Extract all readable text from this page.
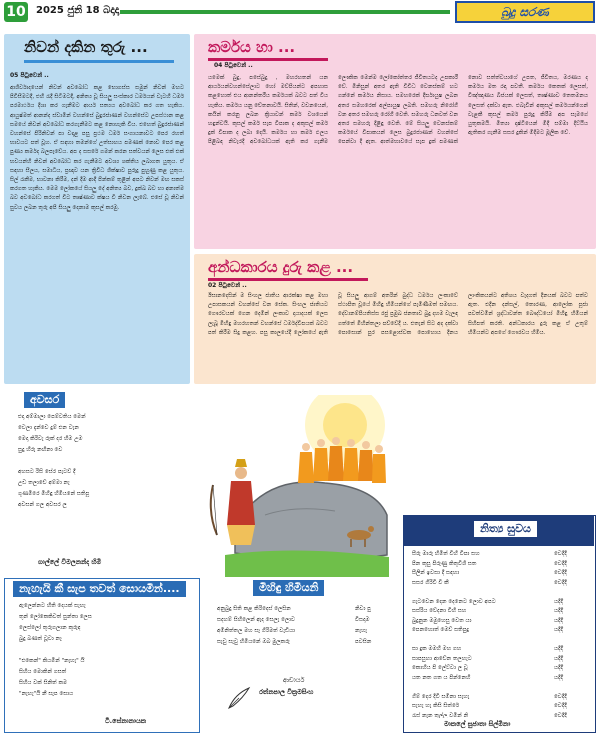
10 2025 ජුනි 18 බදාදා	බුදු සරණ
නිවන් දකින තුරු ...
05 පිටුවෙන් ..
ආශීර්වාදයෙන් නිවන් අවබෝධ කළ භොගස්ස සමුන් නිවන් මහට පිවිසීමටදී, එහි රැදී සිටීමටදී, අනිත්‍ය වූ සියලු සංස්කාර ධර්මයන් වැටහී ධර්ම පරමාර්ථය දිශා කර ගැනීමට ආර්ය සත්‍යය අවබෝධ කර ගත හැකිය. ආයුෂ්මත් ආනන්ද ස්වාමීන් වහන්සේ බුදුරජාණන් වහන්සේට උපස්ථාන කළ සමයේ නිවන් අවබෝධ කරගැනීමට කළ නොහැකි විය. එහෙත් බුදුරජාණන් වහන්සේ පිරිනිවන් පා වදාළ පසු ප්‍රථම ධර්ම සංගායනාවට පෙර රහත් භාවයට පත් වූහ. ඒ සඳහා තමන්ගේ උත්සාහය පමණක් නොව පෙර කළ පුණ්‍ය කර්මද බලපෑවේය. අප ද සසරේ ගමන් කරන සත්වයන් ලෙස එක් එක් භවයන්හි නිවන් අවබෝධ කර ගැනීමට අවශ්‍ය ශක්තිය ලබාගත යුතුය. ඒ සඳහා සීලය, සමාධිය, ප්‍රඥාව යන ත්‍රිවිධ ශික්ෂාව පුරුදු පුහුණු කළ යුතුය. සිල් රැකීම, භාවනා කිරීම, දන් දීම ආදී පින්කම් තුළින් අපට නිවන් මඟ සකස් කරගත හැකිය. මෙම ලෝකයේ සියලු දේ අනිත්‍ය බව, දුක්ඛ බව හා අනාත්ම බව අවබෝධ කරගත් විට තෘෂ්ණාව ක්ෂය වී නිවන ලැබේ. එසේ වූ නිවන් සුවය ලබන තුරු අපි සියලු දෙනාම කුසල් කරමු.
කර්මය හා ...
04 පිටුවෙන් ..
යමෙක් බුදු, පසේබුදු , මහරහතන් යන ආර්යයන්වහන්සේලාට හෝ මව්පියන්ට අපහාස කළහොත් එය ආනන්තරීය කර්මයක් බවට පත් විය හැකිය. කර්මය යනු චේතනාවයි. සිතින්, වචනයෙන්, කයින් කරනු ලබන ක්‍රියාවන් කර්ම වශයෙන් හඳුන්වයි. කුසල් කර්ම සැප විපාක ද අකුසල් කර්ම දුක් විපාක ද ලබා දෙයි. කර්මය හා කර්ම ඵලය පිළිබඳ නිවැරදි අවබෝධයක් ඇති කර ගැනීම ලෞකික මෙන්ම ලෝකෝත්තර ජීවිතයටද උපකාරී වේ. මිනිසුන් අතර ඇති විවිධ වෙනස්කම් හට ගන්නේ කර්මය නිසාය. සමහරෙක් දීර්ඝායුෂ ලබන අතර සමහරෙක් අල්පායුෂ ලබති. සමහරු නිරෝගී වන අතර සමහරු රෝගී වෙති. සමහරු ධනවත් වන අතර සමහරු දිළිඳු වෙති. මේ සියලු වෙනස්කම් කර්මයේ විපාකයන් ලෙස බුදුරජාණන් වහන්සේ පෙන්වා දී ඇත. ආත්මභාවයේ සැප දුක් පමණක් නොව සත්ත්වයාගේ උපත, ජීවිතය, මරණය ද කර්මය මත රඳා පවතී. කර්මය කෙතක් ලෙසත්, විඤ්ඤාණය බීජයක් ලෙසත්, තෘෂ්ණාව තෙතමනය ලෙසත් දක්වා ඇත. එබැවින් අකුසල් කර්මයන්ගෙන් වැළකී කුසල් කර්ම පුරුදු කිරීම අප සැමගේ යුතුකමයි. මිත්‍යා දෘෂ්ටියෙන් මිදී සම්මා දිට්ඨිය ඇතිකර ගැනීම සසර දුකින් මිදීමට මූලික වේ.
අන්ධකාරය දුරු කළ ...
02 පිටුවෙන් ..
ඊසානදෙසින් ම සිංහල ජාතිය ආරක්ෂා කළ මහා උපාසකයන් වහන්සේ වන සේක. සිංහල ජාතියට ගෞරවයක් ගෙන දෙමින් ලංකාව දායාදයක් ලෙස ලැබූ මිහිඳු මහරහතන් වහන්සේ ධර්මද්වීපයක් බවට පත් කිරීම සිදු කළහ. පසු කාලයේදී ලෝකයේ ඇති වූ සියලු ආගම් අතරින් බුද්ධ ධර්මය ලංකාවේ ස්ථාපිත වූයේ මිහිඳු හිමියන්ගේ පැමිණීමත් සමඟය. දේවානම්පියතිස්ස රජු ප්‍රමුඛ ජනතාව බුදු දහම වැලඳ ගත්තේ මිහින්තලා පව්වේදී ය. එතැන් සිට අද දක්වා පොසොන් පුර පසළොස්වක පොහොය දිනය ලාංකිකයන්ට අතිශය වැදගත් දිනයක් බවට පත්ව ඇත. එදින දන්සල්, තොරණ, ආලෝක පූජා පවත්වමින් ශ්‍රද්ධාවන්ත බෞද්ධයෝ මිහිඳු හිමියන් සිහිපත් කරති. අන්ධකාරය දුරු කළ ඒ උතුම් හිමියන්ට අපගේ ගෞරවය හිමිය.
අවසර
එදා අම්මාලා පෙම්වතිය මෙන්
වෙලා දැන්වෙ දුම් එන වැන
මෙදා කිරිවැ රුක් දර හිම උම
සුදු හිරු නඟිනා වෙ

අහසට රිසි සේර පැටව් දී
උඩ තලාවේ අම්මා නැ
ගුණමිරෙ මිහිඳු හිමියනේ සතිපූ
අවසන් ගල අවසර ල
ගාල්ලේ විමලනන්ද හිමි
නැහැයි කී සැප තවත් සොයමින්....
ඇලෙන්නට හිති දෙයක් සැහැ
තුන් ලෝකෙකිවත් සුන්තා ලෙස
ලෙස්ලෝ තුරුගලාන කුරුඳ
බුදු බණත් වූවා නෑ

"එකෙන්" කියමින් "නැහැ" යි
සිහිය මොකින් ගසත්
සිහිය වක් සිනිත් කම
"නැහැ"යි නී සැප සොය
ටී.සේනානායක
මිහිඳු හිමියනි
අනුබුදු සිති කළ කිරිදෙස් ලෙසින
සදහම් සිහිලෙන් ඇද සෙලැ ලොව
අමිනිත්තල මහ සෑ ගිරිමත් වැඩියා
සැවු සැවු හිමියනේ ඔබ මුලකරු
නිවා පු
විසදාම
නැහැ
පවසින
ආචාර්ය
රත්නපාල වික්‍රමසිංහ
නිත්‍ය සුවය
සීරු මාරු හිමිත් විහි විපා සහ
පින කුසු පිරුණු කිතුවිශි සත
සීලින් ඉවසා දී සඳහා
සසර ගිරිවි වී කී

ගැටවෙන දෙන දෙනෙට ලොව අපට
සස්රිය වේදනා විහි සහ
බුදුනුන මමුහෙසු වෙත යා
පෙනහොත් මෙව් සතිපුදු

සා දුක මමහි මහ ගහ
සාපසුහා ආවේන තලහැට
කොහිය පි ලේට්වා ල වූ
යත නත ගත ය පින්නෙහි

ගිම් දෙර දිවි සමිනා සැහැ
සැහැ හැ කිසි සිත්රේ
රැස් නැන තුල්ල වමින් නි

වෙදිදී
වෙදිදී
වෙදිදී
වෙදිදී

යදිදී
යදිදී
යදිදී
යදිදී

යදිදී
යදිදී
යදිදී
යදිදී

වෙදිදී
වෙදිදී
වෙදිදී

මාකලේ සුජාතා සිල්මිනා
